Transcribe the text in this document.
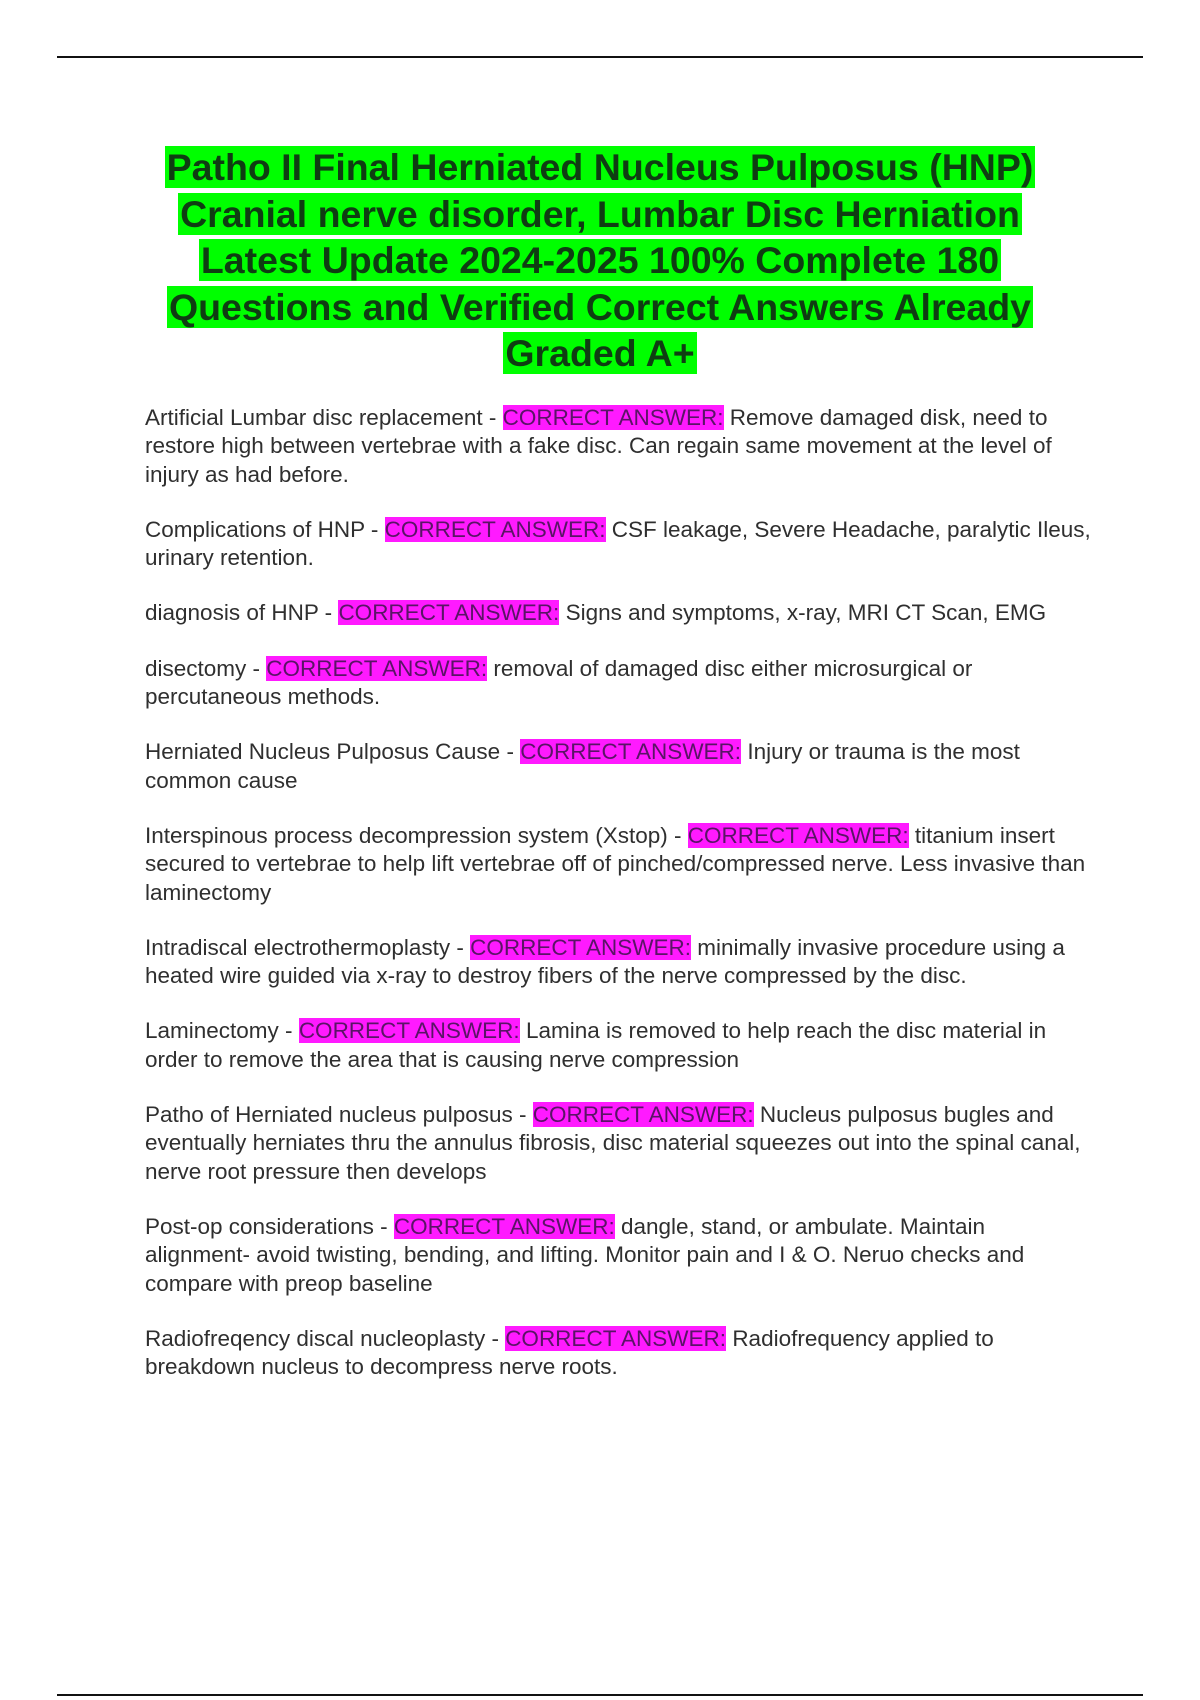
Patho II Final Herniated Nucleus Pulposus (HNP) Cranial nerve disorder, Lumbar Disc Herniation Latest Update 2024-2025 100% Complete 180 Questions and Verified Correct Answers Already Graded A+

Artificial Lumbar disc replacement - CORRECT ANSWER: Remove damaged disk, need to restore high between vertebrae with a fake disc. Can regain same movement at the level of injury as had before.

Complications of HNP - CORRECT ANSWER: CSF leakage, Severe Headache, paralytic Ileus, urinary retention.

diagnosis of HNP - CORRECT ANSWER: Signs and symptoms, x-ray, MRI CT Scan, EMG

disectomy - CORRECT ANSWER: removal of damaged disc either microsurgical or percutaneous methods.

Herniated Nucleus Pulposus Cause - CORRECT ANSWER: Injury or trauma is the most common cause

Interspinous process decompression system (Xstop) - CORRECT ANSWER: titanium insert secured to vertebrae to help lift vertebrae off of pinched/compressed nerve. Less invasive than laminectomy

Intradiscal electrothermoplasty - CORRECT ANSWER: minimally invasive procedure using a heated wire guided via x-ray to destroy fibers of the nerve compressed by the disc.

Laminectomy - CORRECT ANSWER: Lamina is removed to help reach the disc material in order to remove the area that is causing nerve compression

Patho of Herniated nucleus pulposus - CORRECT ANSWER: Nucleus pulposus bugles and eventually herniates thru the annulus fibrosis, disc material squeezes out into the spinal canal, nerve root pressure then develops

Post-op considerations - CORRECT ANSWER: dangle, stand, or ambulate. Maintain alignment- avoid twisting, bending, and lifting. Monitor pain and I & O. Neruo checks and compare with preop baseline

Radiofreqency discal nucleoplasty - CORRECT ANSWER: Radiofrequency applied to breakdown nucleus to decompress nerve roots.
